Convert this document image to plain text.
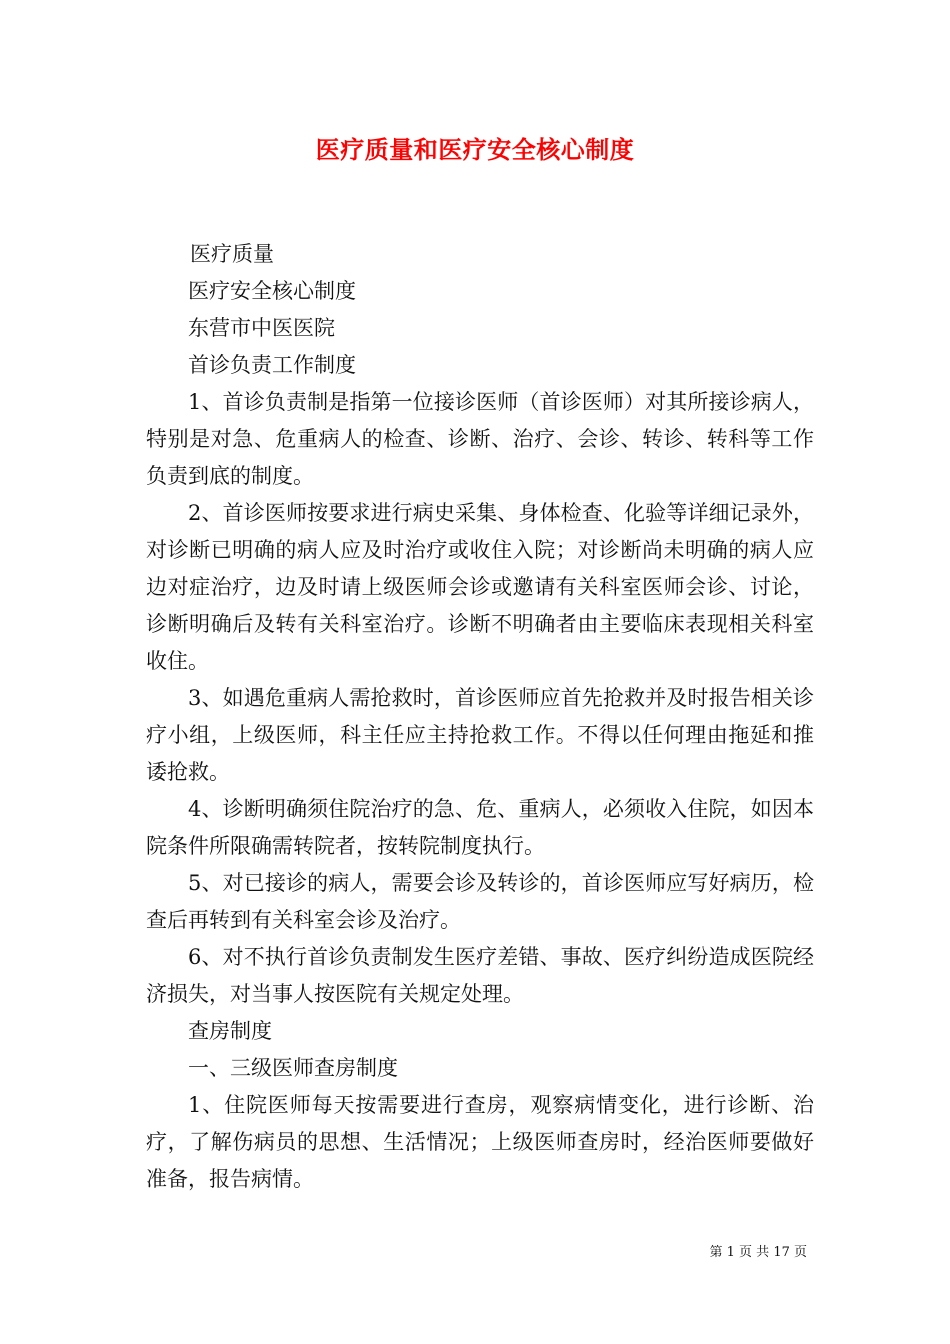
医疗质量和医疗安全核心制度

医疗质量

医疗安全核心制度

东营市中医医院

首诊负责工作制度

1、首诊负责制是指第一位接诊医师（首诊医师）对其所接诊病人，特别是对急、危重病人的检查、诊断、治疗、会诊、转诊、转科等工作负责到底的制度。

2、首诊医师按要求进行病史采集、身体检查、化验等详细记录外，对诊断已明确的病人应及时治疗或收住入院；对诊断尚未明确的病人应边对症治疗，边及时请上级医师会诊或邀请有关科室医师会诊、讨论，诊断明确后及转有关科室治疗。诊断不明确者由主要临床表现相关科室收住。

3、如遇危重病人需抢救时，首诊医师应首先抢救并及时报告相关诊疗小组，上级医师，科主任应主持抢救工作。不得以任何理由拖延和推诿抢救。

4、诊断明确须住院治疗的急、危、重病人，必须收入住院，如因本院条件所限确需转院者，按转院制度执行。

5、对已接诊的病人，需要会诊及转诊的，首诊医师应写好病历，检查后再转到有关科室会诊及治疗。

6、对不执行首诊负责制发生医疗差错、事故、医疗纠纷造成医院经济损失，对当事人按医院有关规定处理。

查房制度

一、三级医师查房制度

1、住院医师每天按需要进行查房，观察病情变化，进行诊断、治疗，了解伤病员的思想、生活情况；上级医师查房时，经治医师要做好准备，报告病情。

第 1 页 共 17 页
